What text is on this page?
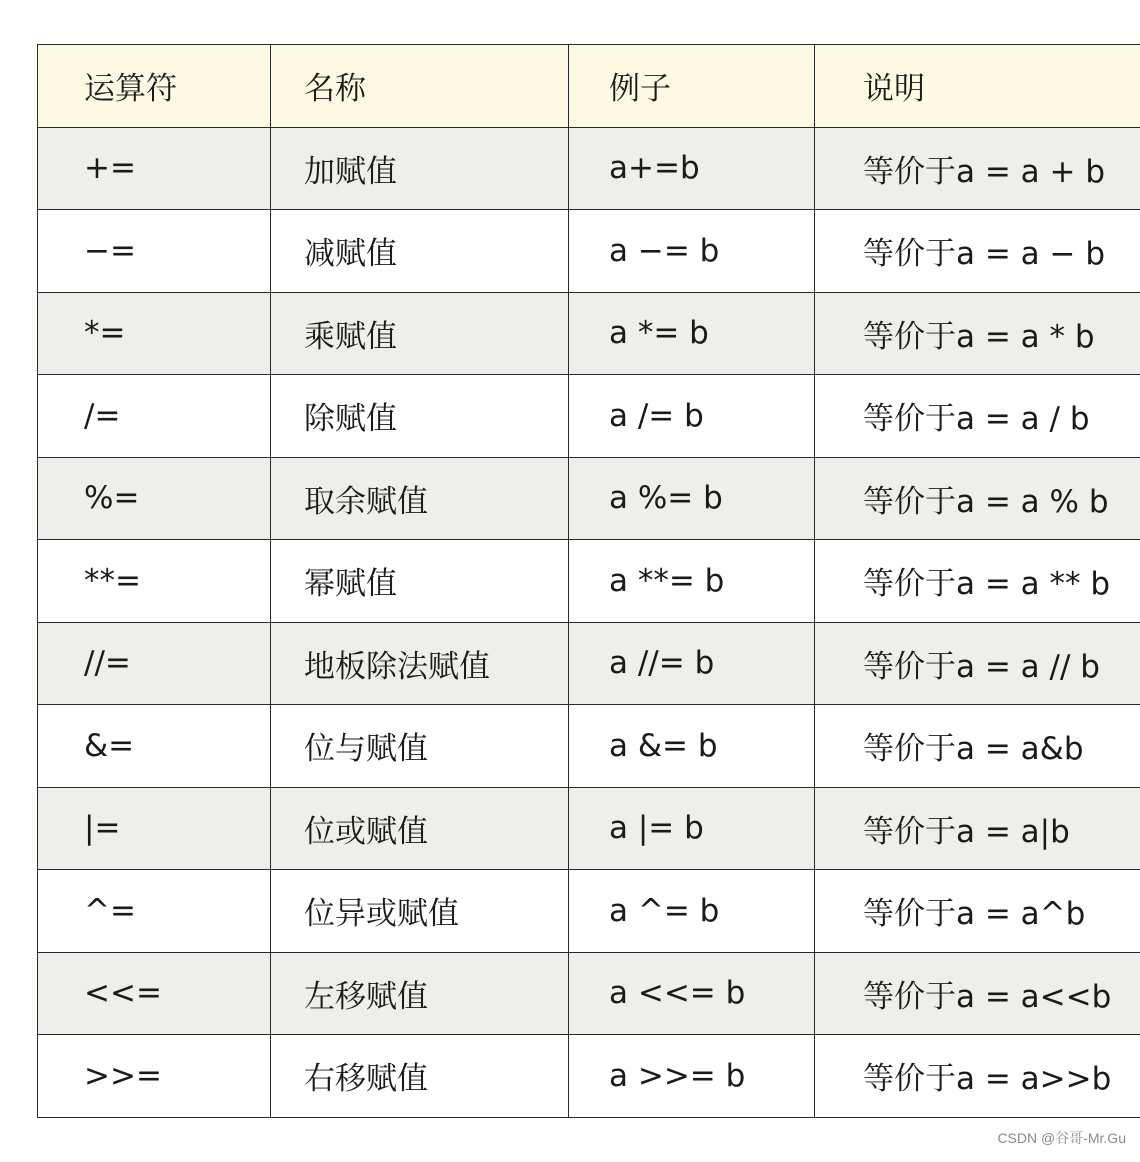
运算符	名称	例子	说明
+=	加赋值	a+=b	等价于a = a + b
−=	减赋值	a −= b	等价于a = a − b
*=	乘赋值	a *= b	等价于a = a * b
/=	除赋值	a /= b	等价于a = a / b
%=	取余赋值	a %= b	等价于a = a % b
**=	幂赋值	a **= b	等价于a = a ** b
//=	地板除法赋值	a //= b	等价于a = a // b
&=	位与赋值	a &= b	等价于a = a&b
|=	位或赋值	a |= b	等价于a = a|b
^=	位异或赋值	a ^= b	等价于a = a^b
<<=	左移赋值	a <<= b	等价于a = a<<b
>>=	右移赋值	a >>= b	等价于a = a>>b
CSDN @谷哥-Mr.Gu
